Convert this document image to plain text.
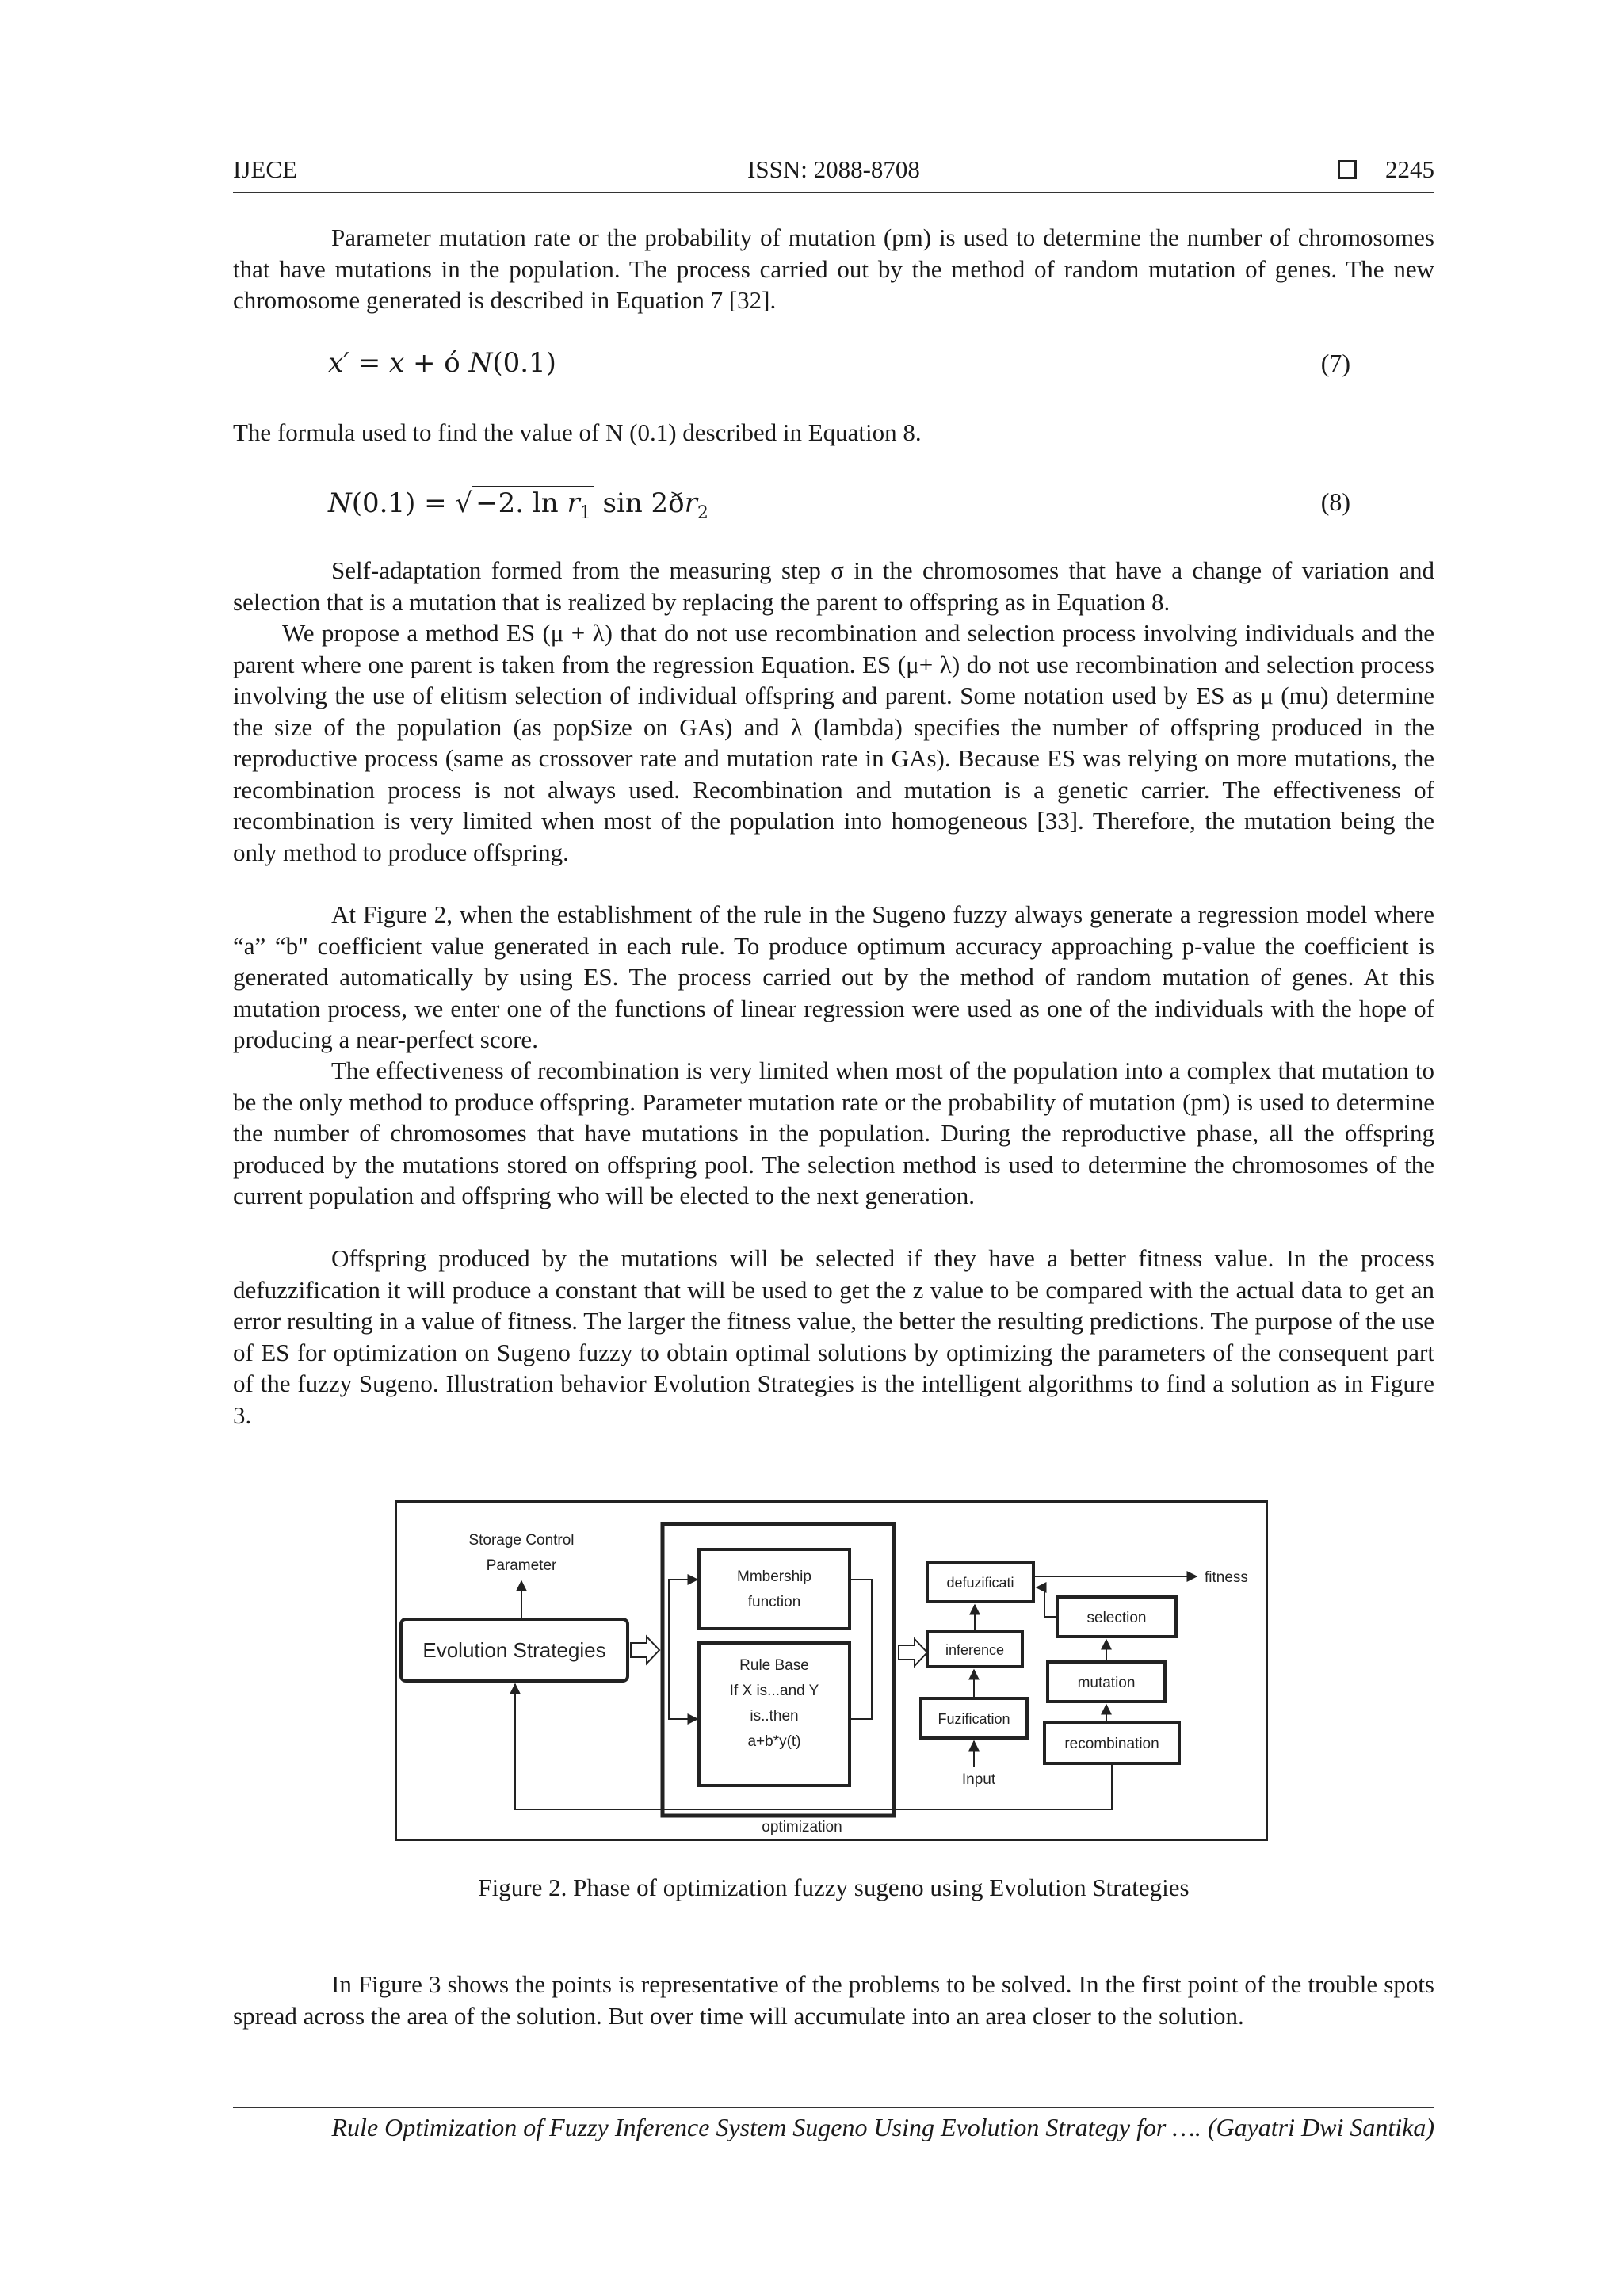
IJECE	ISSN: 2088-8708	2245

Parameter mutation rate or the probability of mutation (pm) is used to determine the number of chromosomes that have mutations in the population. The process carried out by the method of random mutation of genes. The new chromosome generated is described in Equation 7 [32].

x′ = x + ó N(0.1)	(7)

The formula used to find the value of N (0.1) described in Equation 8.

N(0.1) = √ −2. $\ln r_1$ $\sin 2ðr_2$	(8)

Self-adaptation formed from the measuring step σ in the chromosomes that have a change of variation and selection that is a mutation that is realized by replacing the parent to offspring as in Equation 8.

We propose a method ES (μ + λ) that do not use recombination and selection process involving individuals and the parent where one parent is taken from the regression Equation. ES (μ+ λ) do not use recombination and selection process involving the use of elitism selection of individual offspring and parent. Some notation used by ES as μ (mu) determine the size of the population (as popSize on GAs) and λ (lambda) specifies the number of offspring produced in the reproductive process (same as crossover rate and mutation rate in GAs). Because ES was relying on more mutations, the recombination process is not always used. Recombination and mutation is a genetic carrier. The effectiveness of recombination is very limited when most of the population into homogeneous [33]. Therefore, the mutation being the only method to produce offspring.

At Figure 2, when the establishment of the rule in the Sugeno fuzzy always generate a regression model where “a” “b" coefficient value generated in each rule. To produce optimum accuracy approaching p-value the coefficient is generated automatically by using ES. The process carried out by the method of random mutation of genes. At this mutation process, we enter one of the functions of linear regression were used as one of the individuals with the hope of producing a near-perfect score.

The effectiveness of recombination is very limited when most of the population into a complex that mutation to be the only method to produce offspring. Parameter mutation rate or the probability of mutation (pm) is used to determine the number of chromosomes that have mutations in the population. During the reproductive phase, all the offspring produced by the mutations stored on offspring pool. The selection method is used to determine the chromosomes of the current population and offspring who will be elected to the next generation.

Offspring produced by the mutations will be selected if they have a better fitness value. In the process defuzzification it will produce a constant that will be used to get the z value to be compared with the actual data to get an error resulting in a value of fitness. The larger the fitness value, the better the resulting predictions. The purpose of the use of ES for optimization on Sugeno fuzzy to obtain optimal solutions by optimizing the parameters of the consequent part of the fuzzy Sugeno. Illustration behavior Evolution Strategies is the intelligent algorithms to find a solution as in Figure 3.

Storage Control
Parameter
Evolution Strategies
Mmbership
function
Rule Base
If X is...and Y
is..then
a+b*y(t)
defuzificati	fitness
inference
Fuzification
Input
selection
mutation
recombination
optimization
Figure 2. Phase of optimization fuzzy sugeno using Evolution Strategies

In Figure 3 shows the points is representative of the problems to be solved. In the first point of the trouble spots spread across the area of the solution. But over time will accumulate into an area closer to the solution.

Rule Optimization of Fuzzy Inference System Sugeno Using Evolution Strategy for …. (Gayatri Dwi Santika)
